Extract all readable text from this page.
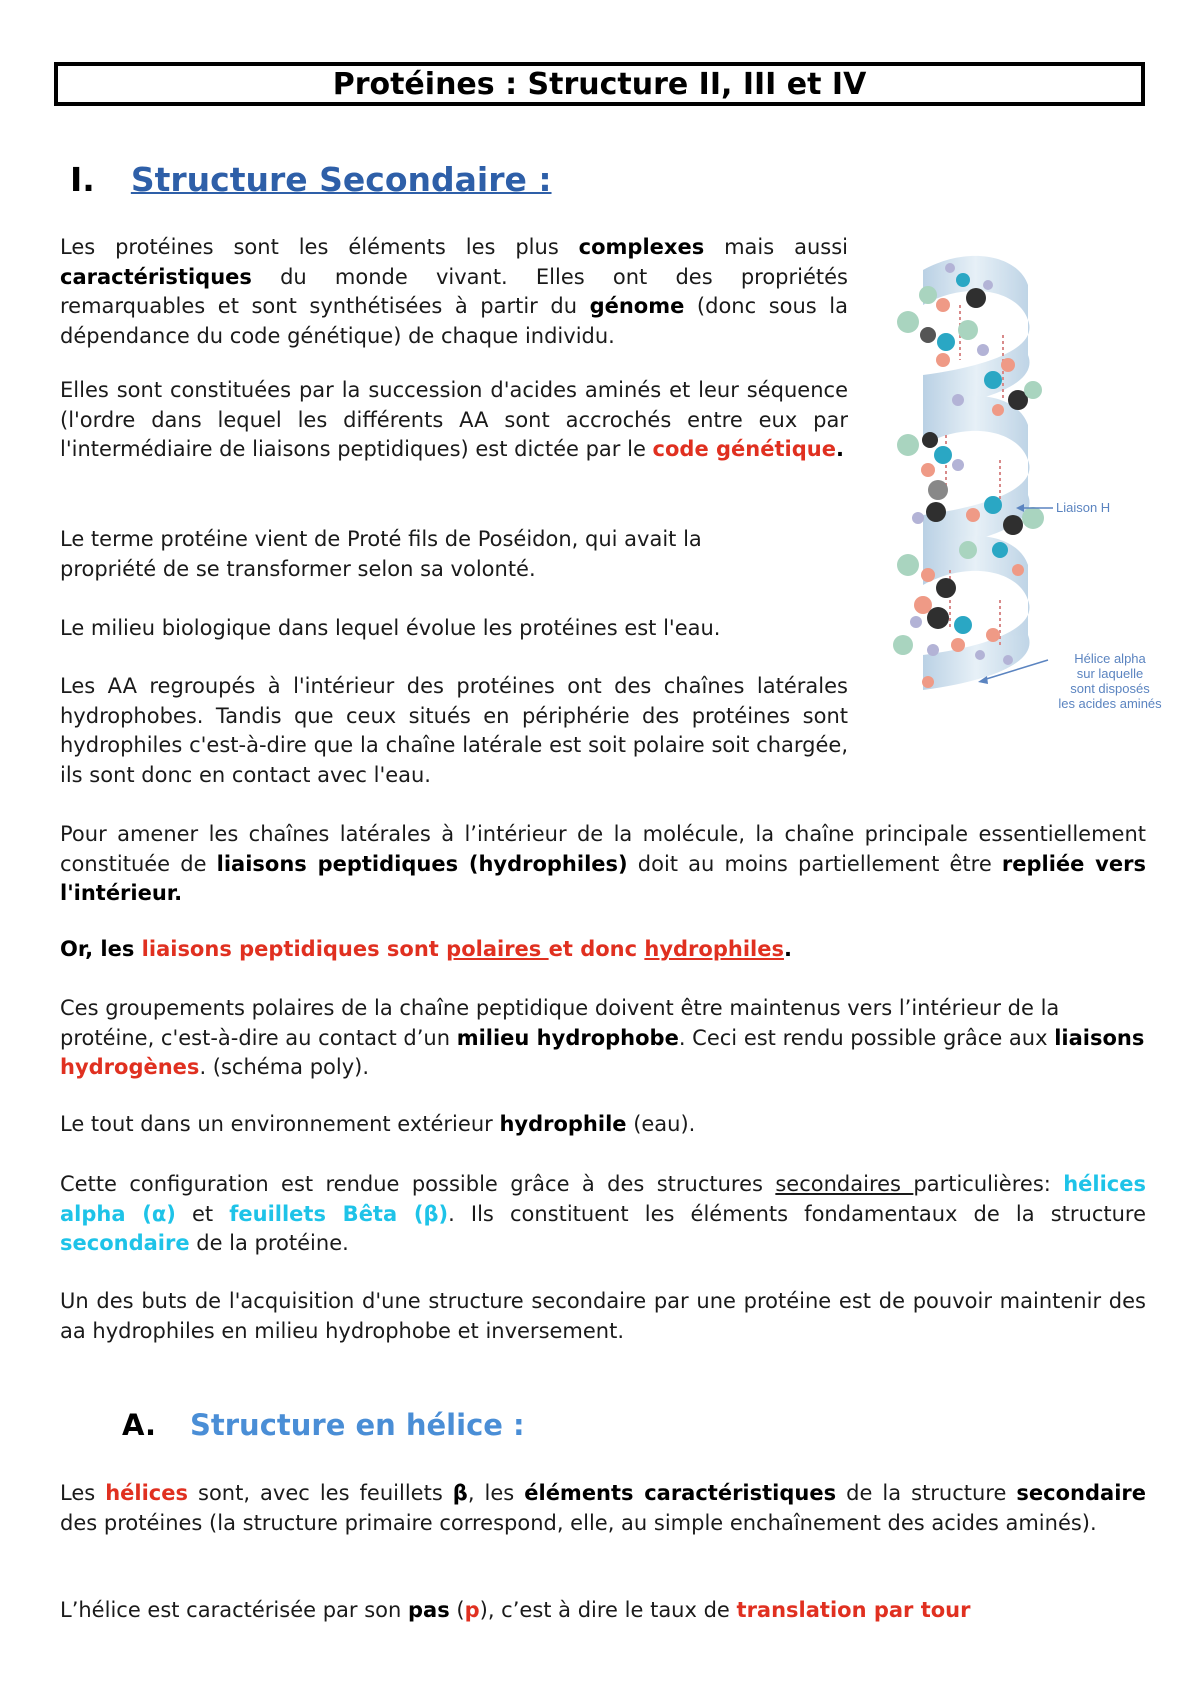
Protéines : Structure II, III et IV
I. Structure Secondaire :

Les protéines sont les éléments les plus complexes mais aussi caractéristiques du monde vivant. Elles ont des propriétés remarquables et sont synthétisées à partir du génome (donc sous la dépendance du code génétique) de chaque individu.

Elles sont constituées par la succession d'acides aminés et leur séquence (l'ordre dans lequel les différents AA sont accrochés entre eux par l'intermédiaire de liaisons peptidiques) est dictée par le code génétique.

Le terme protéine vient de Proté fils de Poséidon, qui avait la propriété de se transformer selon sa volonté.

Le milieu biologique dans lequel évolue les protéines est l'eau.

Les AA regroupés à l'intérieur des protéines ont des chaînes latérales hydrophobes. Tandis que ceux situés en périphérie des protéines sont hydrophiles c'est-à-dire que la chaîne latérale est soit polaire soit chargée, ils sont donc en contact avec l'eau.

Pour amener les chaînes latérales à l’intérieur de la molécule, la chaîne principale essentiellement constituée de liaisons peptidiques (hydrophiles) doit au moins partiellement être repliée vers l'intérieur.

Or, les liaisons peptidiques sont polaires et donc hydrophiles.

Ces groupements polaires de la chaîne peptidique doivent être maintenus vers l’intérieur de la protéine, c'est-à-dire au contact d’un milieu hydrophobe. Ceci est rendu possible grâce aux liaisons hydrogènes. (schéma poly).

Le tout dans un environnement extérieur hydrophile (eau).

Cette configuration est rendue possible grâce à des structures secondaires particulières: hélices alpha (α) et feuillets Bêta (β). Ils constituent les éléments fondamentaux de la structure secondaire de la protéine.

Un des buts de l'acquisition d'une structure secondaire par une protéine est de pouvoir maintenir des aa hydrophiles en milieu hydrophobe et inversement.

A. Structure en hélice :

Les hélices sont, avec les feuillets β, les éléments caractéristiques de la structure secondaire des protéines (la structure primaire correspond, elle, au simple enchaînement des acides aminés).

L’hélice est caractérisée par son pas (p), c’est à dire le taux de translation par tour

Liaison H
Hélice alpha
sur laquelle
sont disposés
les acides aminés
